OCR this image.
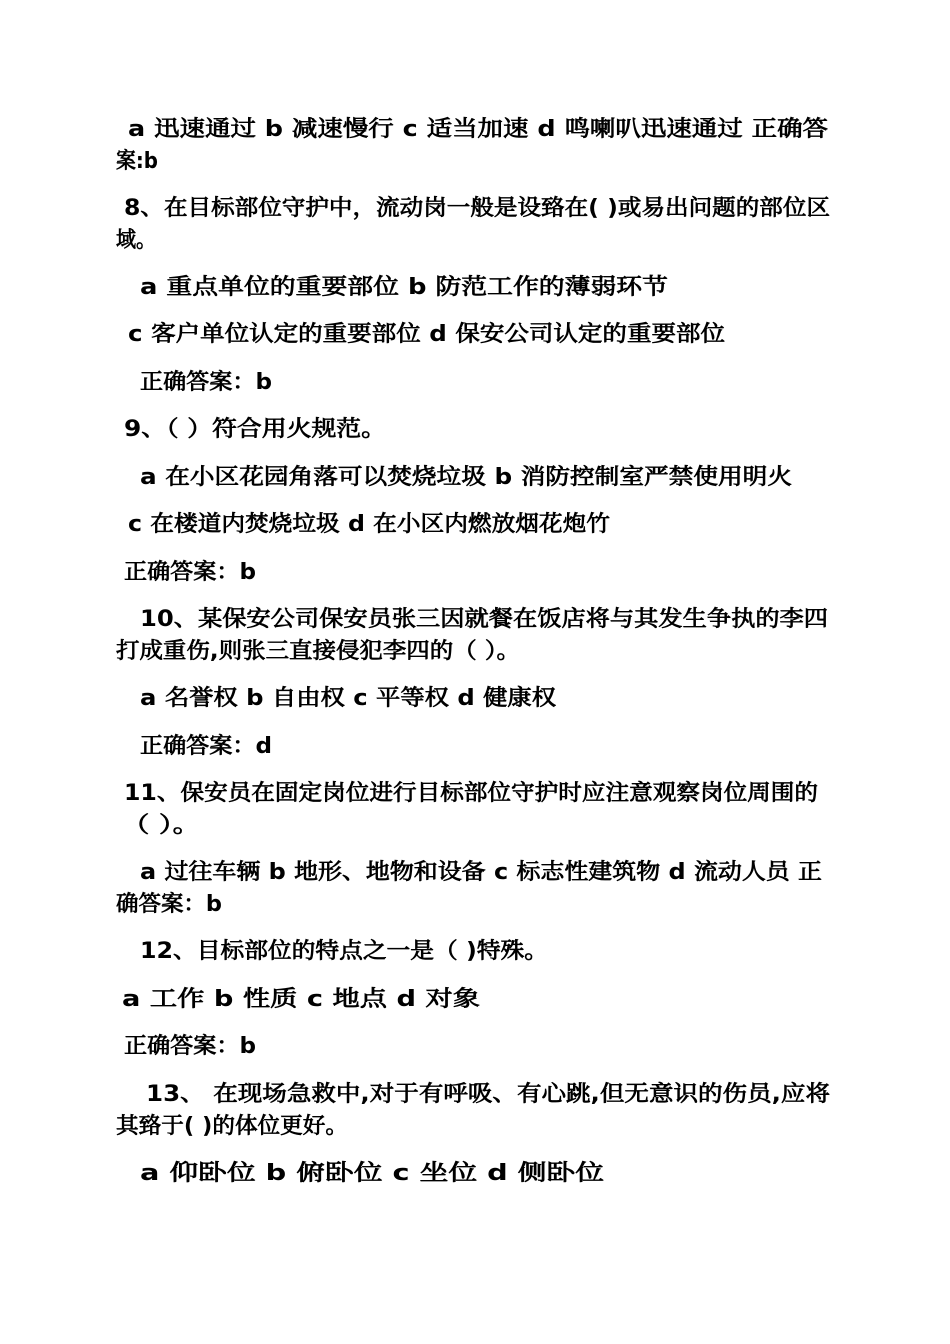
a 迅速通过 b 减速慢行 c 适当加速 d 鸣喇叭迅速通过 正确答
案:b
8、在目标部位守护中，流动岗一般是设臵在( )或易出问题的部位区
域。
a 重点单位的重要部位 b 防范工作的薄弱环节
c 客户单位认定的重要部位 d 保安公司认定的重要部位
正确答案：b
9、（ ）符合用火规范。
a 在小区花园角落可以焚烧垃圾 b 消防控制室严禁使用明火
c 在楼道内焚烧垃圾 d 在小区内燃放烟花炮竹
正确答案：b
10、某保安公司保安员张三因就餐在饭店将与其发生争执的李四
打成重伤,则张三直接侵犯李四的（ ）。
a 名誉权 b 自由权 c 平等权 d 健康权
正确答案：d
11、保安员在固定岗位进行目标部位守护时应注意观察岗位周围的
（ ）。
a 过往车辆 b 地形、地物和设备 c 标志性建筑物 d 流动人员 正
确答案：b
12、目标部位的特点之一是（ )特殊。
a 工作 b 性质 c 地点 d 对象
正确答案：b
13、 在现场急救中,对于有呼吸、有心跳,但无意识的伤员,应将
其臵于( )的体位更好。
a 仰卧位 b 俯卧位 c 坐位 d 侧卧位
